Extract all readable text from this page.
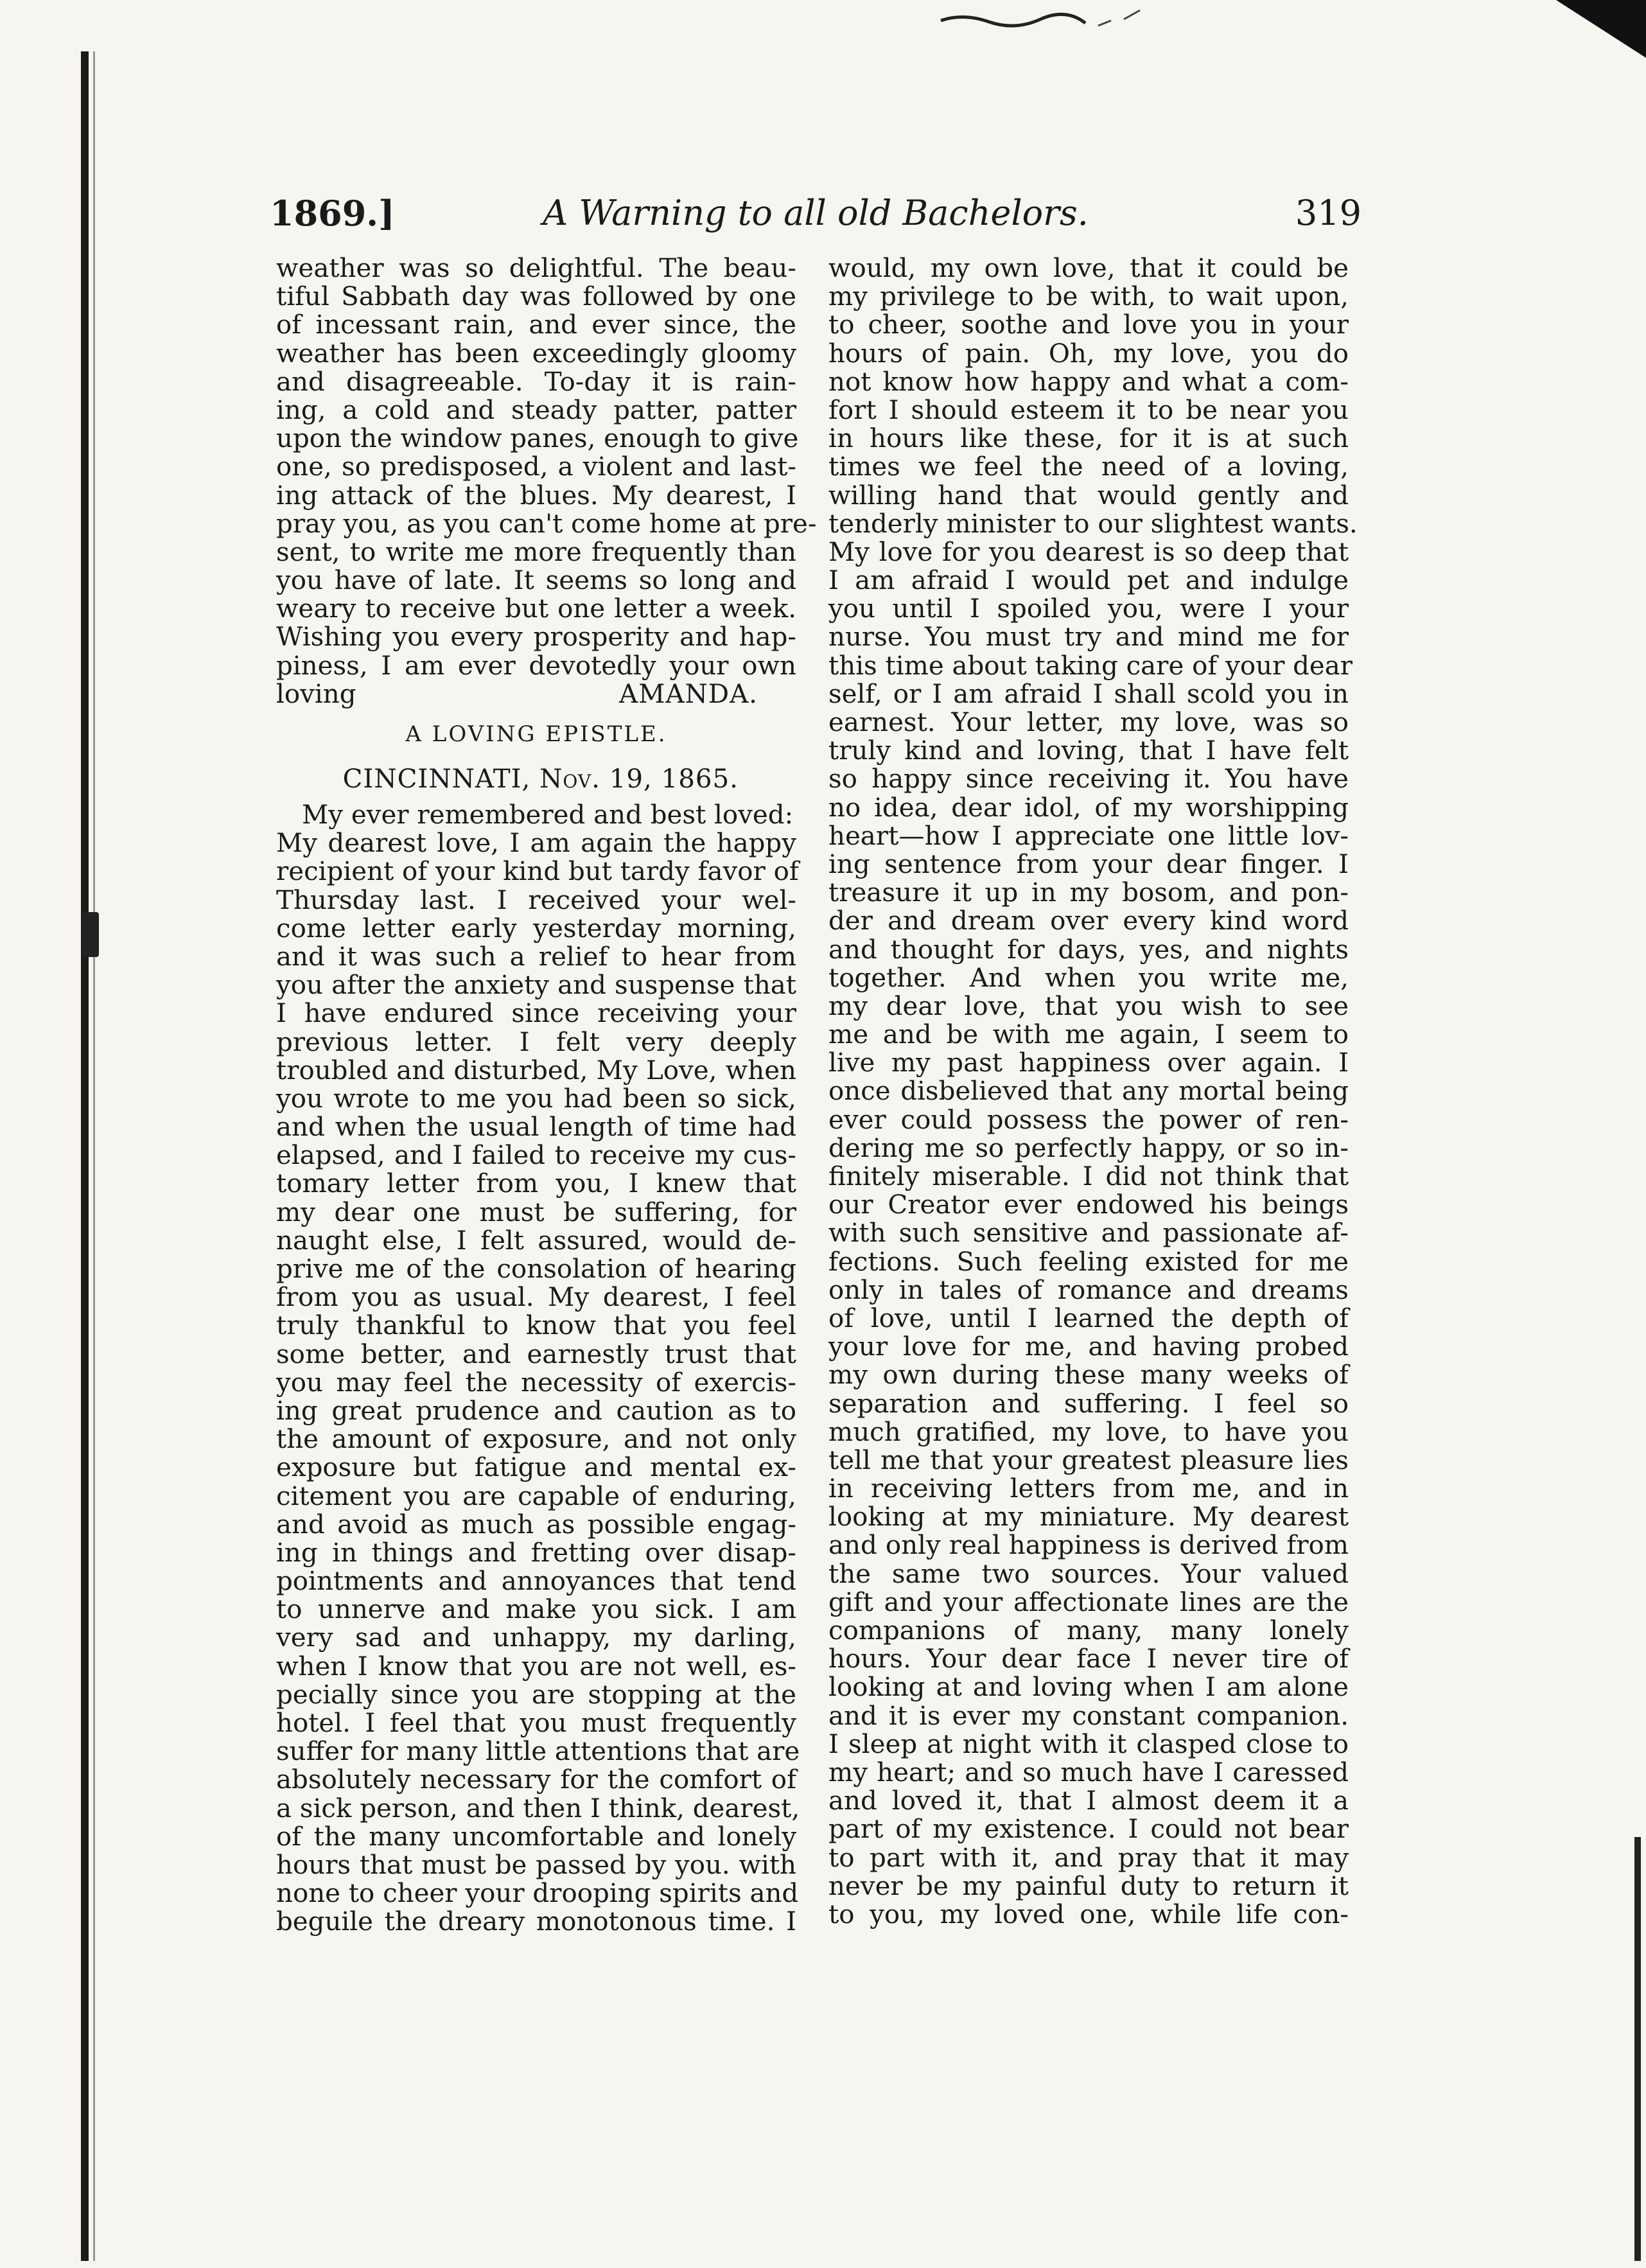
1869.]	A Warning to all old Bachelors.	319
weather was so delightful. The beau-
tiful Sabbath day was followed by one
of incessant rain, and ever since, the
weather has been exceedingly gloomy
and disagreeable. To-day it is rain-
ing, a cold and steady patter, patter
upon the window panes, enough to give
one, so predisposed, a violent and last-
ing attack of the blues. My dearest, I
pray you, as you can't come home at pre-
sent, to write me more frequently than
you have of late. It seems so long and
weary to receive but one letter a week.
Wishing you every prosperity and hap-
piness, I am ever devotedly your own
loving	AMANDA.
A LOVING EPISTLE.
CINCINNATI, Nov. 19, 1865.
My ever remembered and best loved:
My dearest love, I am again the happy
recipient of your kind but tardy favor of
Thursday last. I received your wel-
come letter early yesterday morning,
and it was such a relief to hear from
you after the anxiety and suspense that
I have endured since receiving your
previous letter. I felt very deeply
troubled and disturbed, My Love, when
you wrote to me you had been so sick,
and when the usual length of time had
elapsed, and I failed to receive my cus-
tomary letter from you, I knew that
my dear one must be suffering, for
naught else, I felt assured, would de-
prive me of the consolation of hearing
from you as usual. My dearest, I feel
truly thankful to know that you feel
some better, and earnestly trust that
you may feel the necessity of exercis-
ing great prudence and caution as to
the amount of exposure, and not only
exposure but fatigue and mental ex-
citement you are capable of enduring,
and avoid as much as possible engag-
ing in things and fretting over disap-
pointments and annoyances that tend
to unnerve and make you sick. I am
very sad and unhappy, my darling,
when I know that you are not well, es-
pecially since you are stopping at the
hotel. I feel that you must frequently
suffer for many little attentions that are
absolutely necessary for the comfort of
a sick person, and then I think, dearest,
of the many uncomfortable and lonely
hours that must be passed by you. with
none to cheer your drooping spirits and
beguile the dreary monotonous time. I
would, my own love, that it could be
my privilege to be with, to wait upon,
to cheer, soothe and love you in your
hours of pain. Oh, my love, you do
not know how happy and what a com-
fort I should esteem it to be near you
in hours like these, for it is at such
times we feel the need of a loving,
willing hand that would gently and
tenderly minister to our slightest wants.
My love for you dearest is so deep that
I am afraid I would pet and indulge
you until I spoiled you, were I your
nurse. You must try and mind me for
this time about taking care of your dear
self, or I am afraid I shall scold you in
earnest. Your letter, my love, was so
truly kind and loving, that I have felt
so happy since receiving it. You have
no idea, dear idol, of my worshipping
heart—how I appreciate one little lov-
ing sentence from your dear finger. I
treasure it up in my bosom, and pon-
der and dream over every kind word
and thought for days, yes, and nights
together. And when you write me,
my dear love, that you wish to see
me and be with me again, I seem to
live my past happiness over again. I
once disbelieved that any mortal being
ever could possess the power of ren-
dering me so perfectly happy, or so in-
finitely miserable. I did not think that
our Creator ever endowed his beings
with such sensitive and passionate af-
fections. Such feeling existed for me
only in tales of romance and dreams
of love, until I learned the depth of
your love for me, and having probed
my own during these many weeks of
separation and suffering. I feel so
much gratified, my love, to have you
tell me that your greatest pleasure lies
in receiving letters from me, and in
looking at my miniature. My dearest
and only real happiness is derived from
the same two sources. Your valued
gift and your affectionate lines are the
companions of many, many lonely
hours. Your dear face I never tire of
looking at and loving when I am alone
and it is ever my constant companion.
I sleep at night with it clasped close to
my heart; and so much have I caressed
and loved it, that I almost deem it a
part of my existence. I could not bear
to part with it, and pray that it may
never be my painful duty to return it
to you, my loved one, while life con-
